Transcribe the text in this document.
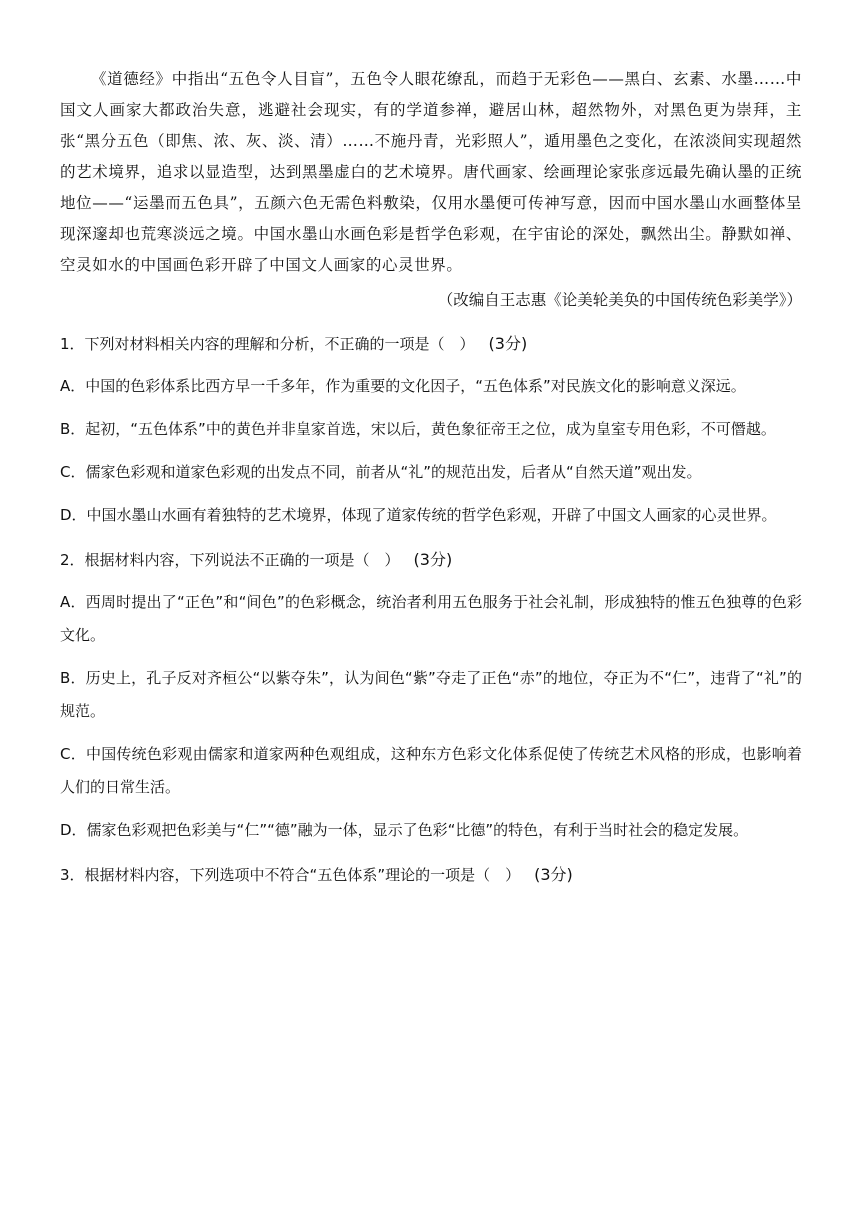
《道德经》中指出“五色令人目盲”，五色令人眼花缭乱，而趋于无彩色——黑白、玄素、水墨……中国文人画家大都政治失意，逃避社会现实，有的学道参禅，避居山林，超然物外，对黑色更为崇拜，主张“黑分五色（即焦、浓、灰、淡、清）……不施丹青，光彩照人”，遁用墨色之变化，在浓淡间实现超然的艺术境界，追求以显造型，达到黑墨虚白的艺术境界。唐代画家、绘画理论家张彦远最先确认墨的正统地位——“运墨而五色具”，五颜六色无需色料敷染，仅用水墨便可传神写意，因而中国水墨山水画整体呈现深邃却也荒寒淡远之境。中国水墨山水画色彩是哲学色彩观，在宇宙论的深处，飘然出尘。静默如禅、空灵如水的中国画色彩开辟了中国文人画家的心灵世界。

（改编自王志惠《论美轮美奂的中国传统色彩美学》）

1．下列对材料相关内容的理解和分析，不正确的一项是（　） (3分)

A．中国的色彩体系比西方早一千多年，作为重要的文化因子，“五色体系”对民族文化的影响意义深远。

B．起初，“五色体系”中的黄色并非皇家首选，宋以后，黄色象征帝王之位，成为皇室专用色彩，不可僭越。

C．儒家色彩观和道家色彩观的出发点不同，前者从“礼”的规范出发，后者从“自然天道”观出发。

D．中国水墨山水画有着独特的艺术境界，体现了道家传统的哲学色彩观，开辟了中国文人画家的心灵世界。

2．根据材料内容，下列说法不正确的一项是（　） (3分)

A．西周时提出了“正色”和“间色”的色彩概念，统治者利用五色服务于社会礼制，形成独特的惟五色独尊的色彩文化。

B．历史上，孔子反对齐桓公“以紫夺朱”，认为间色“紫”夺走了正色“赤”的地位，夺正为不“仁”，违背了“礼”的规范。

C．中国传统色彩观由儒家和道家两种色观组成，这种东方色彩文化体系促使了传统艺术风格的形成，也影响着人们的日常生活。

D．儒家色彩观把色彩美与“仁”“德”融为一体，显示了色彩“比德”的特色，有利于当时社会的稳定发展。

3．根据材料内容，下列选项中不符合“五色体系”理论的一项是（　） (3分)
